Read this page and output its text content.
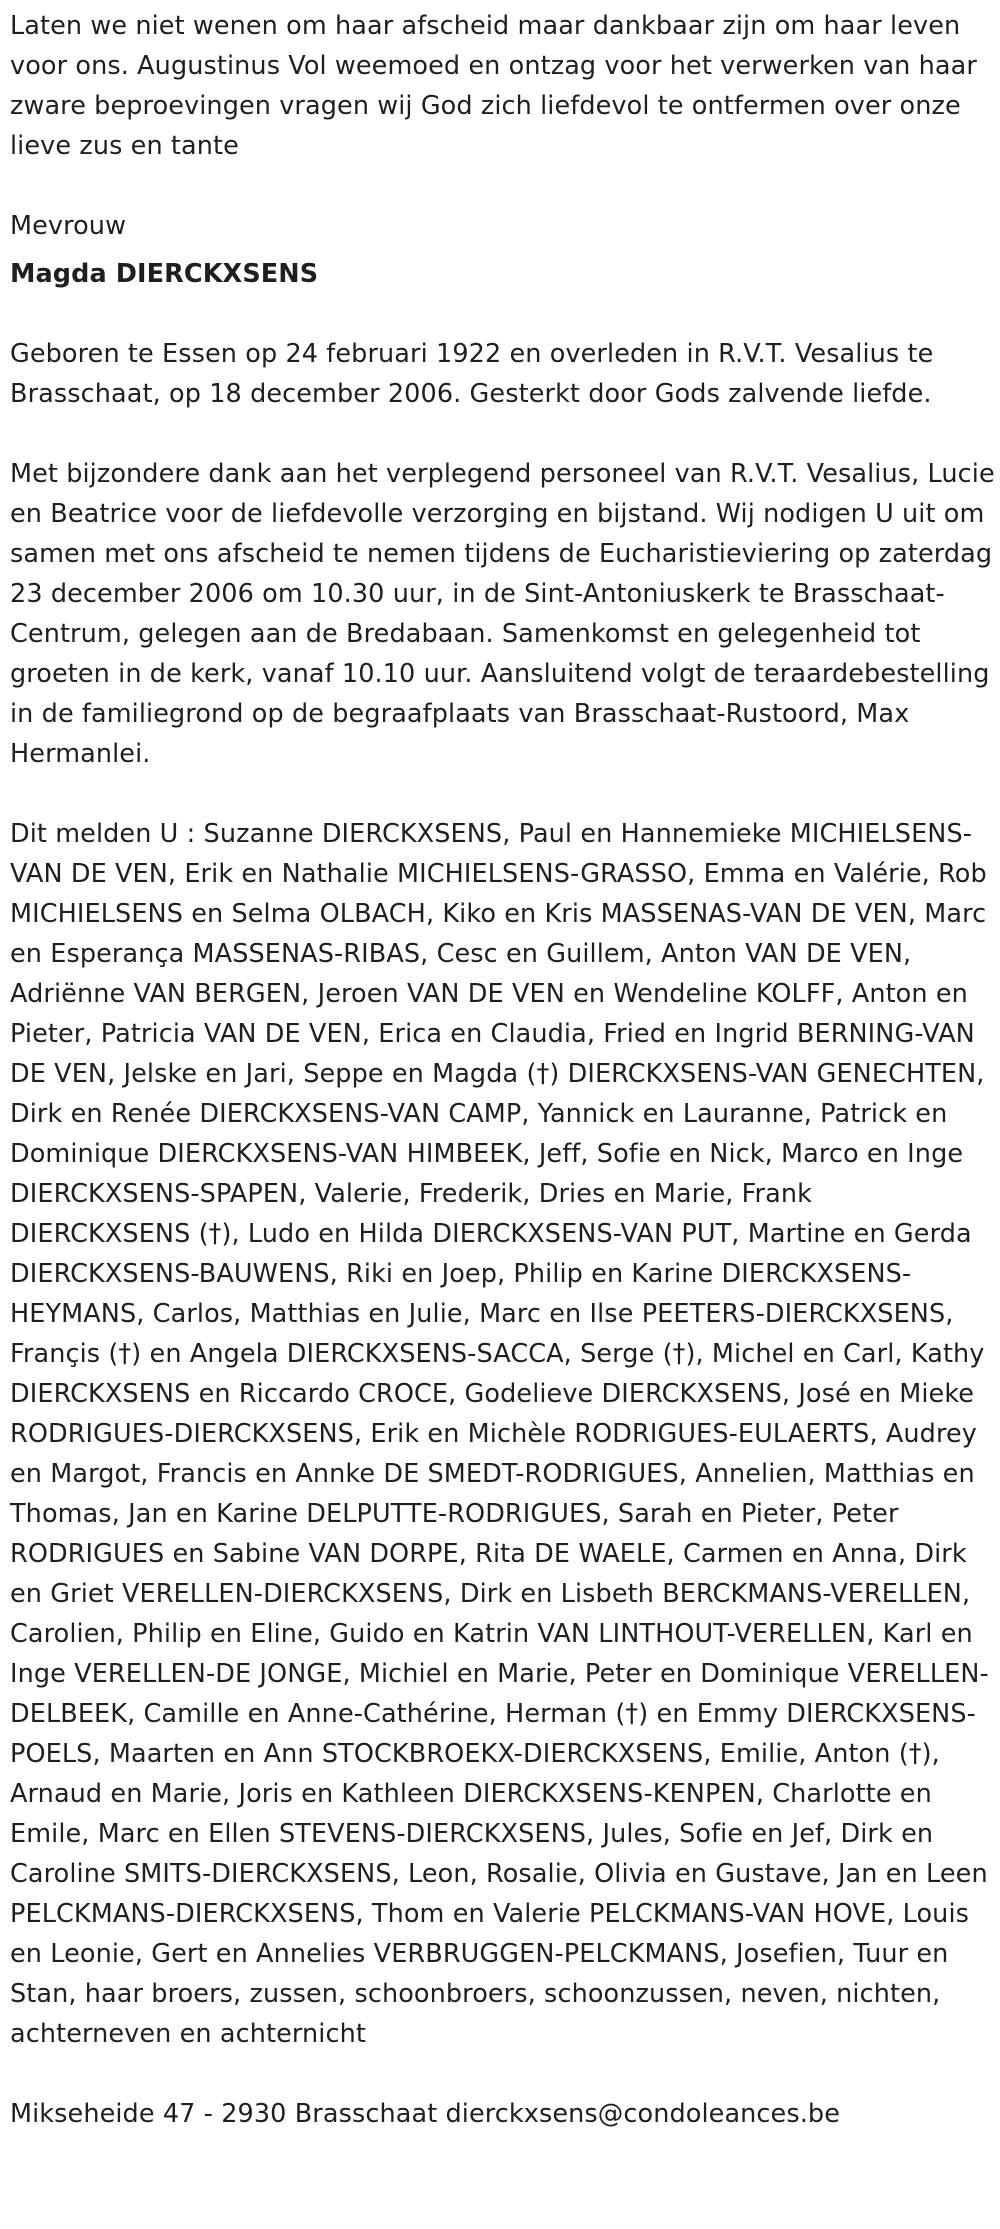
Laten we niet wenen om haar afscheid maar dankbaar zijn om haar leven voor ons. Augustinus Vol weemoed en ontzag voor het verwerken van haar zware beproevingen vragen wij God zich liefdevol te ontfermen over onze lieve zus en tante

Mevrouw

Magda DIERCKXSENS

Geboren te Essen op 24 februari 1922 en overleden in R.V.T. Vesalius te Brasschaat, op 18 december 2006. Gesterkt door Gods zalvende liefde.

Met bijzondere dank aan het verplegend personeel van R.V.T. Vesalius, Lucie en Beatrice voor de liefdevolle verzorging en bijstand. Wij nodigen U uit om samen met ons afscheid te nemen tijdens de Eucharistieviering op zaterdag 23 december 2006 om 10.30 uur, in de Sint-Antoniuskerk te Brasschaat-Centrum, gelegen aan de Bredabaan. Samenkomst en gelegenheid tot groeten in de kerk, vanaf 10.10 uur. Aansluitend volgt de teraardebestelling in de familiegrond op de begraafplaats van Brasschaat-Rustoord, Max Hermanlei.

Dit melden U : Suzanne DIERCKXSENS, Paul en Hannemieke MICHIELSENS-VAN DE VEN, Erik en Nathalie MICHIELSENS-GRASSO, Emma en Valérie, Rob MICHIELSENS en Selma OLBACH, Kiko en Kris MASSENAS-VAN DE VEN, Marc en Esperança MASSENAS-RIBAS, Cesc en Guillem, Anton VAN DE VEN, Adriënne VAN BERGEN, Jeroen VAN DE VEN en Wendeline KOLFF, Anton en Pieter, Patricia VAN DE VEN, Erica en Claudia, Fried en Ingrid BERNING-VAN DE VEN, Jelske en Jari, Seppe en Magda (†) DIERCKXSENS-VAN GENECHTEN, Dirk en Renée DIERCKXSENS-VAN CAMP, Yannick en Lauranne, Patrick en Dominique DIERCKXSENS-VAN HIMBEEK, Jeff, Sofie en Nick, Marco en Inge DIERCKXSENS-SPAPEN, Valerie, Frederik, Dries en Marie, Frank DIERCKXSENS (†), Ludo en Hilda DIERCKXSENS-VAN PUT, Martine en Gerda DIERCKXSENS-BAUWENS, Riki en Joep, Philip en Karine DIERCKXSENS-HEYMANS, Carlos, Matthias en Julie, Marc en Ilse PEETERS-DIERCKXSENS, Françis (†) en Angela DIERCKXSENS-SACCA, Serge (†), Michel en Carl, Kathy DIERCKXSENS en Riccardo CROCE, Godelieve DIERCKXSENS, José en Mieke RODRIGUES-DIERCKXSENS, Erik en Michèle RODRIGUES-EULAERTS, Audrey en Margot, Francis en Annke DE SMEDT-RODRIGUES, Annelien, Matthias en Thomas, Jan en Karine DELPUTTE-RODRIGUES, Sarah en Pieter, Peter RODRIGUES en Sabine VAN DORPE, Rita DE WAELE, Carmen en Anna, Dirk en Griet VERELLEN-DIERCKXSENS, Dirk en Lisbeth BERCKMANS-VERELLEN, Carolien, Philip en Eline, Guido en Katrin VAN LINTHOUT-VERELLEN, Karl en Inge VERELLEN-DE JONGE, Michiel en Marie, Peter en Dominique VERELLEN-DELBEEK, Camille en Anne-Cathérine, Herman (†) en Emmy DIERCKXSENS-POELS, Maarten en Ann STOCKBROEKX-DIERCKXSENS, Emilie, Anton (†), Arnaud en Marie, Joris en Kathleen DIERCKXSENS-KENPEN, Charlotte en Emile, Marc en Ellen STEVENS-DIERCKXSENS, Jules, Sofie en Jef, Dirk en Caroline SMITS-DIERCKXSENS, Leon, Rosalie, Olivia en Gustave, Jan en Leen PELCKMANS-DIERCKXSENS, Thom en Valerie PELCKMANS-VAN HOVE, Louis en Leonie, Gert en Annelies VERBRUGGEN-PELCKMANS, Josefien, Tuur en Stan, haar broers, zussen, schoonbroers, schoonzussen, neven, nichten, achterneven en achternicht

Mikseheide 47 - 2930 Brasschaat dierckxsens@condoleances.be
